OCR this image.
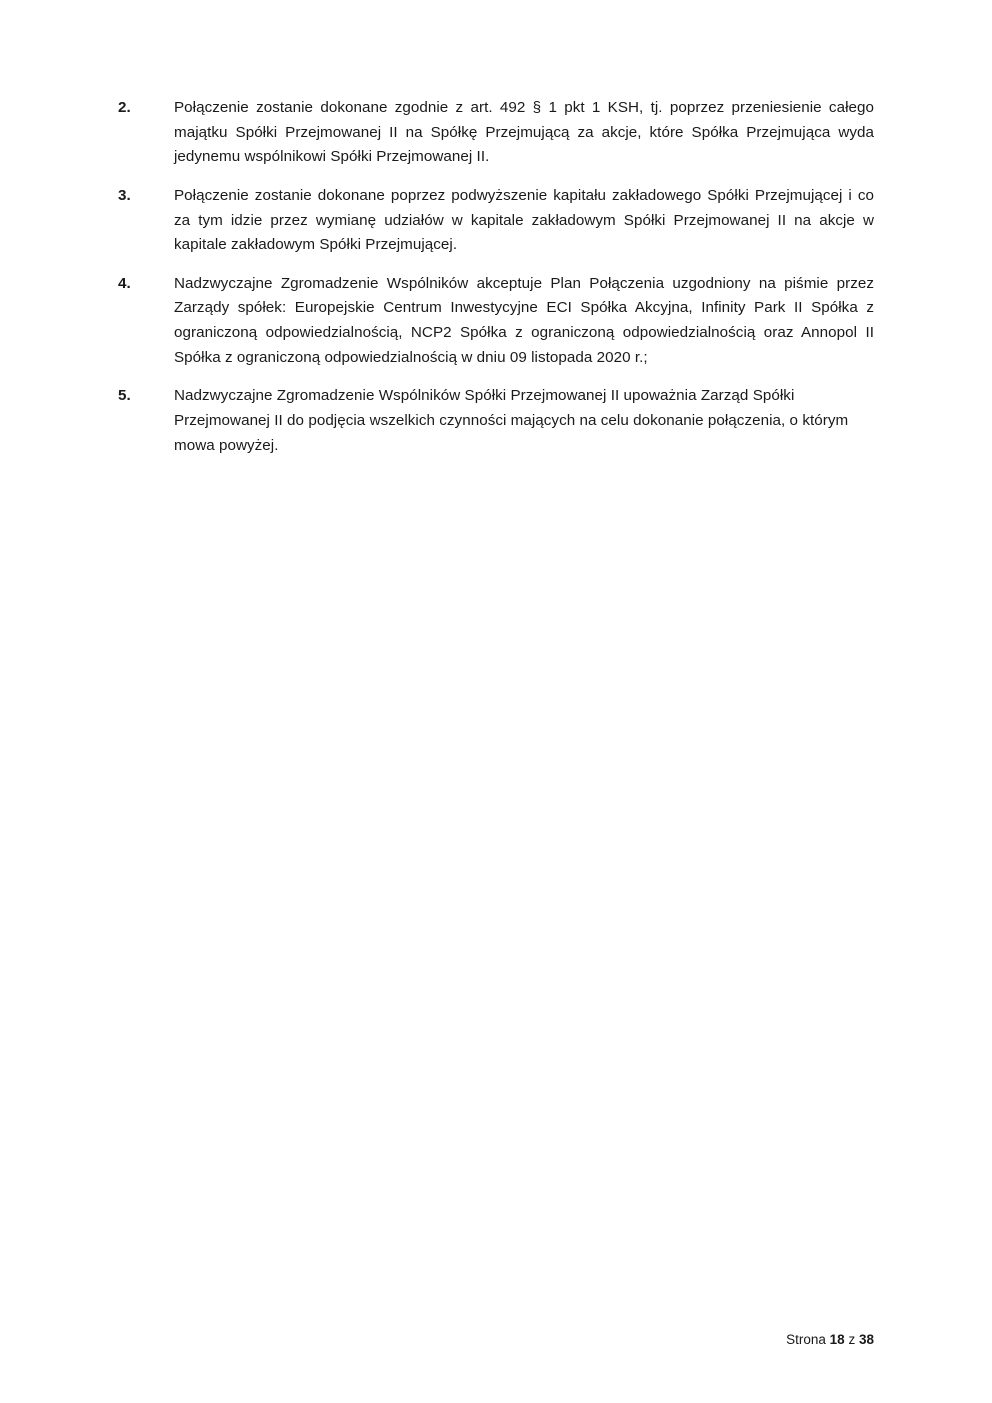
2.	Połączenie zostanie dokonane zgodnie z art. 492 § 1 pkt 1 KSH, tj. poprzez przeniesienie całego majątku Spółki Przejmowanej II na Spółkę Przejmującą za akcje, które Spółka Przejmująca wyda jedynemu wspólnikowi Spółki Przejmowanej II.
3.	Połączenie zostanie dokonane poprzez podwyższenie kapitału zakładowego Spółki Przejmującej i co za tym idzie przez wymianę udziałów w kapitale zakładowym Spółki Przejmowanej II na akcje w kapitale zakładowym Spółki Przejmującej.
4.	Nadzwyczajne Zgromadzenie Wspólników akceptuje Plan Połączenia uzgodniony na piśmie przez Zarządy spółek: Europejskie Centrum Inwestycyjne ECI Spółka Akcyjna, Infinity Park II Spółka z ograniczoną odpowiedzialnością, NCP2 Spółka z ograniczoną odpowiedzialnością oraz Annopol II Spółka z ograniczoną odpowiedzialnością w dniu 09 listopada 2020 r.;
5.	Nadzwyczajne Zgromadzenie Wspólników Spółki Przejmowanej II upoważnia Zarząd Spółki Przejmowanej II do podjęcia wszelkich czynności mających na celu dokonanie połączenia, o którym mowa powyżej.
Strona 18 z 38
